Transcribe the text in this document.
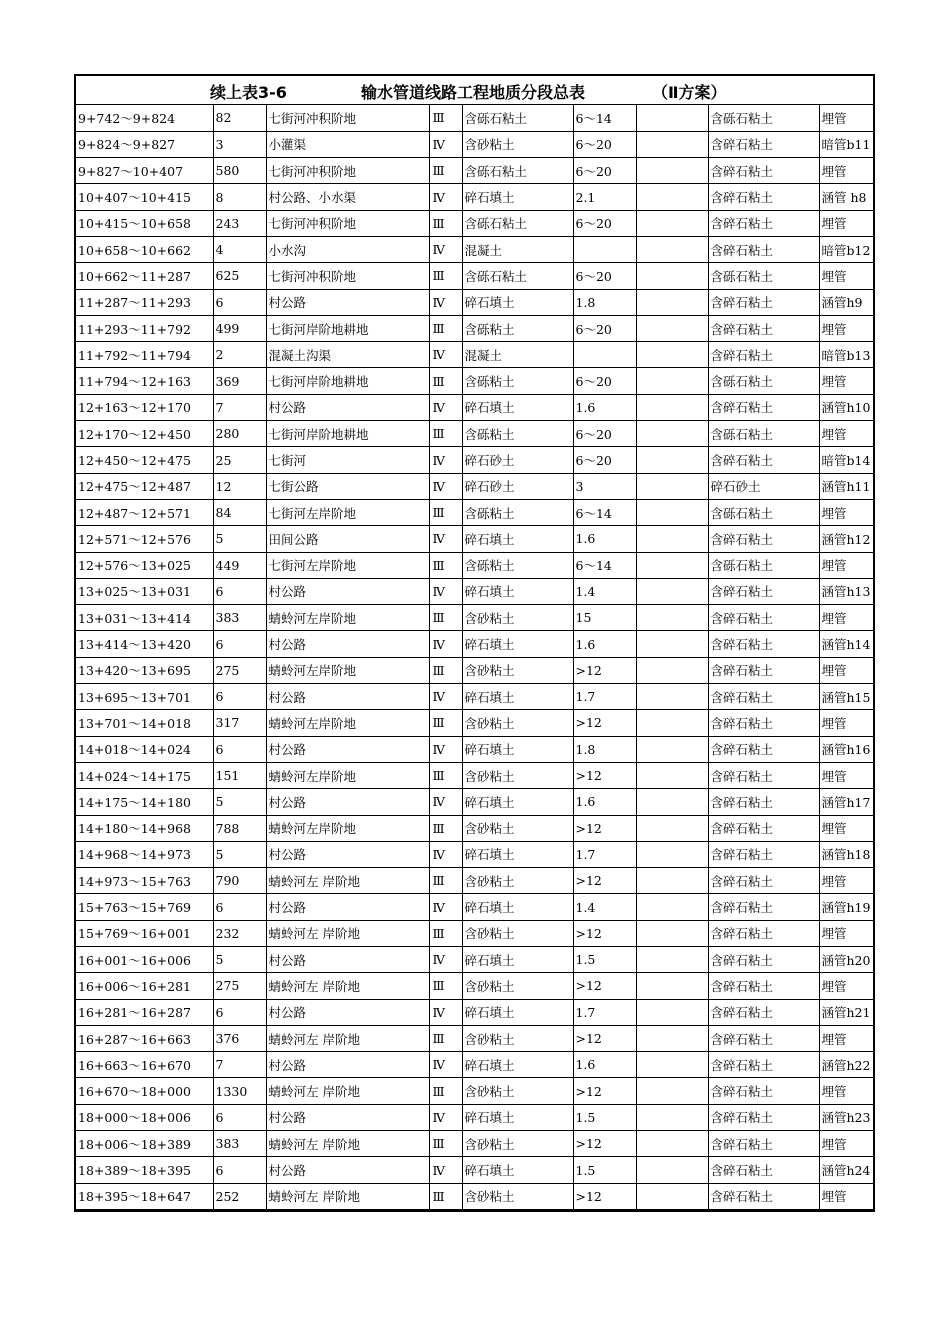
续上表3-6	输水管道线路工程地质分段总表	（Ⅱ方案）
9+742～9+824	82	七街河冲积阶地	Ⅲ	含砾石粘土	6～14		含砾石粘土	埋管
9+824～9+827	3	小灌渠	Ⅳ	含砂粘土	6～20		含碎石粘土	暗管b11
9+827～10+407	580	七街河冲积阶地	Ⅲ	含砾石粘土	6～20		含碎石粘土	埋管
10+407～10+415	8	村公路、小水渠	Ⅳ	碎石填土	2.1		含碎石粘土	涵管 h8
10+415～10+658	243	七街河冲积阶地	Ⅲ	含砾石粘土	6～20		含碎石粘土	埋管
10+658～10+662	4	小水沟	Ⅳ	混凝土			含碎石粘土	暗管b12
10+662～11+287	625	七街河冲积阶地	Ⅲ	含砾石粘土	6～20		含砾石粘土	埋管
11+287～11+293	6	村公路	Ⅳ	碎石填土	1.8		含碎石粘土	涵管h9
11+293～11+792	499	七街河岸阶地耕地	Ⅲ	含砾粘土	6～20		含碎石粘土	埋管
11+792～11+794	2	混凝土沟渠	Ⅳ	混凝土			含碎石粘土	暗管b13
11+794～12+163	369	七街河岸阶地耕地	Ⅲ	含砾粘土	6～20		含砾石粘土	埋管
12+163～12+170	7	村公路	Ⅳ	碎石填土	1.6		含碎石粘土	涵管h10
12+170～12+450	280	七街河岸阶地耕地	Ⅲ	含砾粘土	6～20		含砾石粘土	埋管
12+450～12+475	25	七街河	Ⅳ	碎石砂土	6～20		含碎石粘土	暗管b14
12+475～12+487	12	七街公路	Ⅳ	碎石砂土	3		碎石砂土	涵管h11
12+487～12+571	84	七街河左岸阶地	Ⅲ	含砾粘土	6～14		含砾石粘土	埋管
12+571～12+576	5	田间公路	Ⅳ	碎石填土	1.6		含碎石粘土	涵管h12
12+576～13+025	449	七街河左岸阶地	Ⅲ	含砾粘土	6～14		含砾石粘土	埋管
13+025～13+031	6	村公路	Ⅳ	碎石填土	1.4		含碎石粘土	涵管h13
13+031～13+414	383	蜻蛉河左岸阶地	Ⅲ	含砂粘土	15		含碎石粘土	埋管
13+414～13+420	6	村公路	Ⅳ	碎石填土	1.6		含碎石粘土	涵管h14
13+420～13+695	275	蜻蛉河左岸阶地	Ⅲ	含砂粘土	>12		含碎石粘土	埋管
13+695～13+701	6	村公路	Ⅳ	碎石填土	1.7		含碎石粘土	涵管h15
13+701～14+018	317	蜻蛉河左岸阶地	Ⅲ	含砂粘土	>12		含碎石粘土	埋管
14+018～14+024	6	村公路	Ⅳ	碎石填土	1.8		含碎石粘土	涵管h16
14+024～14+175	151	蜻蛉河左岸阶地	Ⅲ	含砂粘土	>12		含碎石粘土	埋管
14+175～14+180	5	村公路	Ⅳ	碎石填土	1.6		含碎石粘土	涵管h17
14+180～14+968	788	蜻蛉河左岸阶地	Ⅲ	含砂粘土	>12		含碎石粘土	埋管
14+968～14+973	5	村公路	Ⅳ	碎石填土	1.7		含碎石粘土	涵管h18
14+973～15+763	790	蜻蛉河左 岸阶地	Ⅲ	含砂粘土	>12		含碎石粘土	埋管
15+763～15+769	6	村公路	Ⅳ	碎石填土	1.4		含碎石粘土	涵管h19
15+769～16+001	232	蜻蛉河左 岸阶地	Ⅲ	含砂粘土	>12		含碎石粘土	埋管
16+001～16+006	5	村公路	Ⅳ	碎石填土	1.5		含碎石粘土	涵管h20
16+006～16+281	275	蜻蛉河左 岸阶地	Ⅲ	含砂粘土	>12		含碎石粘土	埋管
16+281～16+287	6	村公路	Ⅳ	碎石填土	1.7		含碎石粘土	涵管h21
16+287～16+663	376	蜻蛉河左 岸阶地	Ⅲ	含砂粘土	>12		含碎石粘土	埋管
16+663～16+670	7	村公路	Ⅳ	碎石填土	1.6		含碎石粘土	涵管h22
16+670～18+000	1330	蜻蛉河左 岸阶地	Ⅲ	含砂粘土	>12		含碎石粘土	埋管
18+000～18+006	6	村公路	Ⅳ	碎石填土	1.5		含碎石粘土	涵管h23
18+006～18+389	383	蜻蛉河左 岸阶地	Ⅲ	含砂粘土	>12		含碎石粘土	埋管
18+389～18+395	6	村公路	Ⅳ	碎石填土	1.5		含碎石粘土	涵管h24
18+395～18+647	252	蜻蛉河左 岸阶地	Ⅲ	含砂粘土	>12		含碎石粘土	埋管
